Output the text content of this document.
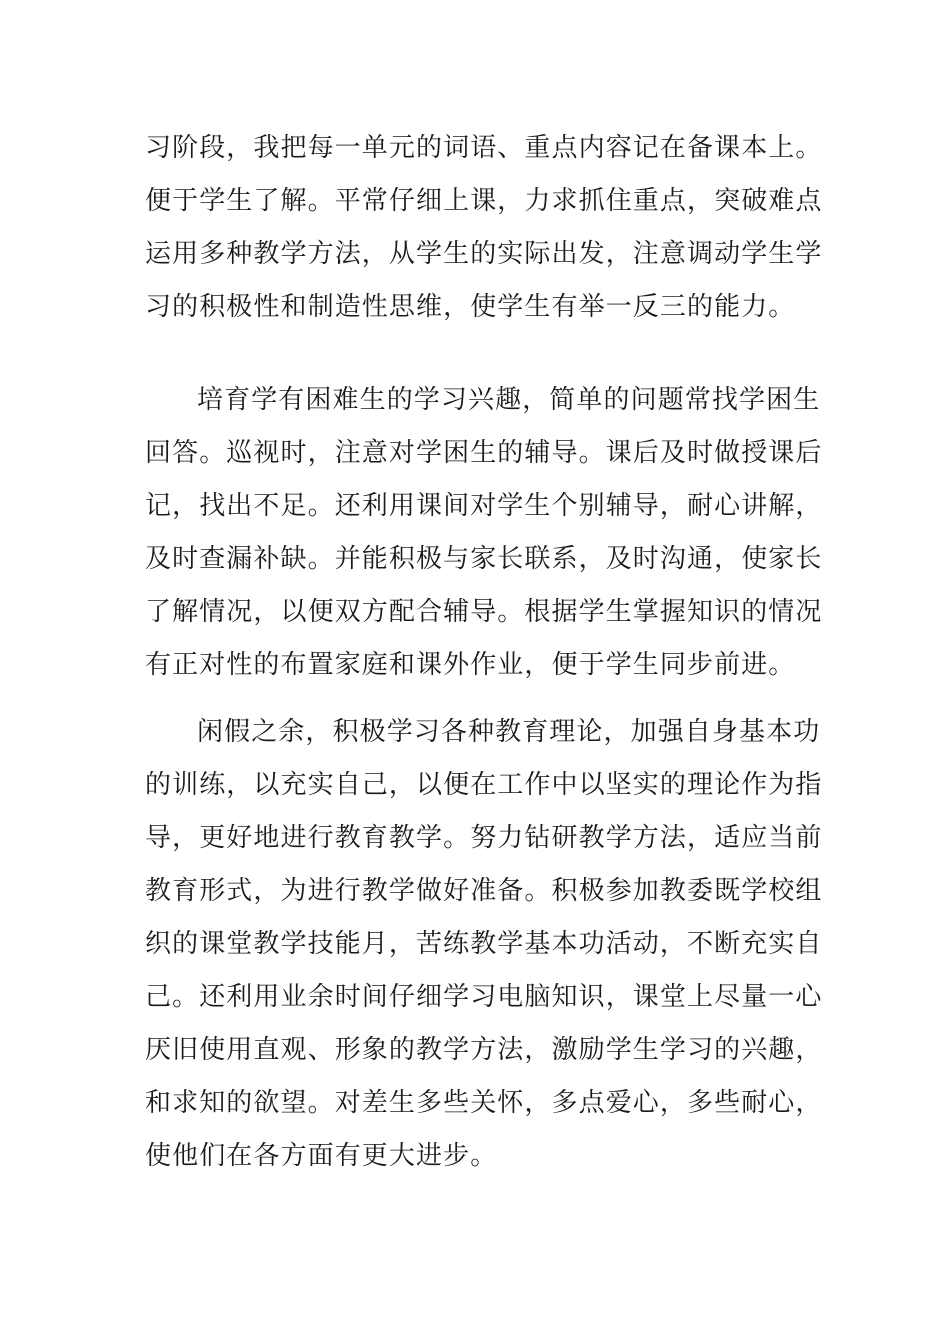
习阶段，我把每一单元的词语、重点内容记在备课本上。
便于学生了解。平常仔细上课，力求抓住重点，突破难点
运用多种教学方法，从学生的实际出发，注意调动学生学
习的积极性和制造性思维，使学生有举一反三的能力。
培育学有困难生的学习兴趣，简单的问题常找学困生
回答。巡视时，注意对学困生的辅导。课后及时做授课后
记，找出不足。还利用课间对学生个别辅导，耐心讲解，
及时查漏补缺。并能积极与家长联系，及时沟通，使家长
了解情况，以便双方配合辅导。根据学生掌握知识的情况
有正对性的布置家庭和课外作业，便于学生同步前进。
闲假之余，积极学习各种教育理论，加强自身基本功
的训练，以充实自己，以便在工作中以坚实的理论作为指
导，更好地进行教育教学。努力钻研教学方法，适应当前
教育形式，为进行教学做好准备。积极参加教委既学校组
织的课堂教学技能月，苦练教学基本功活动，不断充实自
己。还利用业余时间仔细学习电脑知识，课堂上尽量一心
厌旧使用直观、形象的教学方法，激励学生学习的兴趣，
和求知的欲望。对差生多些关怀，多点爱心，多些耐心，
使他们在各方面有更大进步。
